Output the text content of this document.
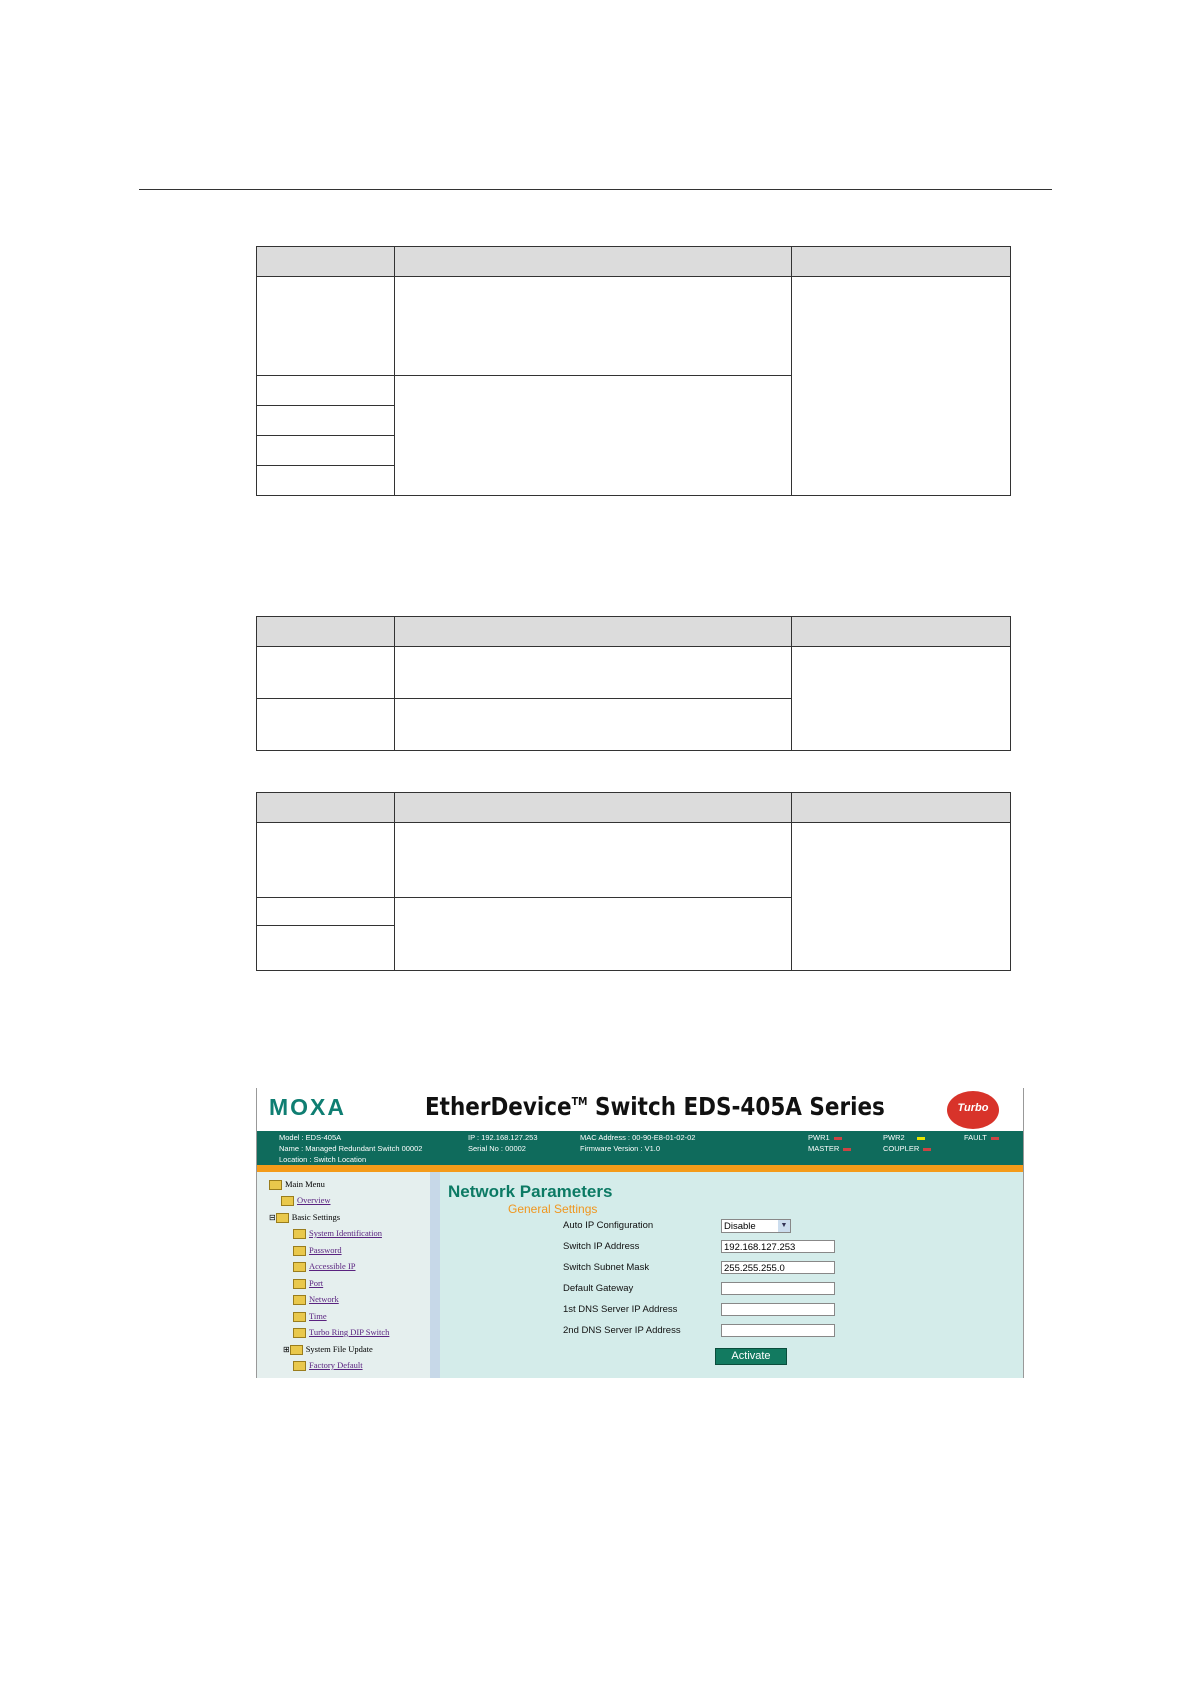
MOXA	EtherDevice™ Switch EDS-405A Series	Turbo
Model : EDS-405A
Name : Managed Redundant Switch 00002
Location : Switch Location
IP : 192.168.127.253
Serial No : 00002
MAC Address : 00-90-E8-01-02-02
Firmware Version : V1.0
PWR1
MASTER
PWR2
COUPLER
FAULT
Main Menu
Overview
⊟ Basic Settings
System Identification
Password
Accessible IP
Port
Network
Time
Turbo Ring DIP Switch
⊞ System File Update
Factory Default
Network Parameters
General Settings
Auto IP Configuration	Disable	▼
Switch IP Address	192.168.127.253
Switch Subnet Mask	255.255.255.0
Default Gateway
1st DNS Server IP Address
2nd DNS Server IP Address
Activate
